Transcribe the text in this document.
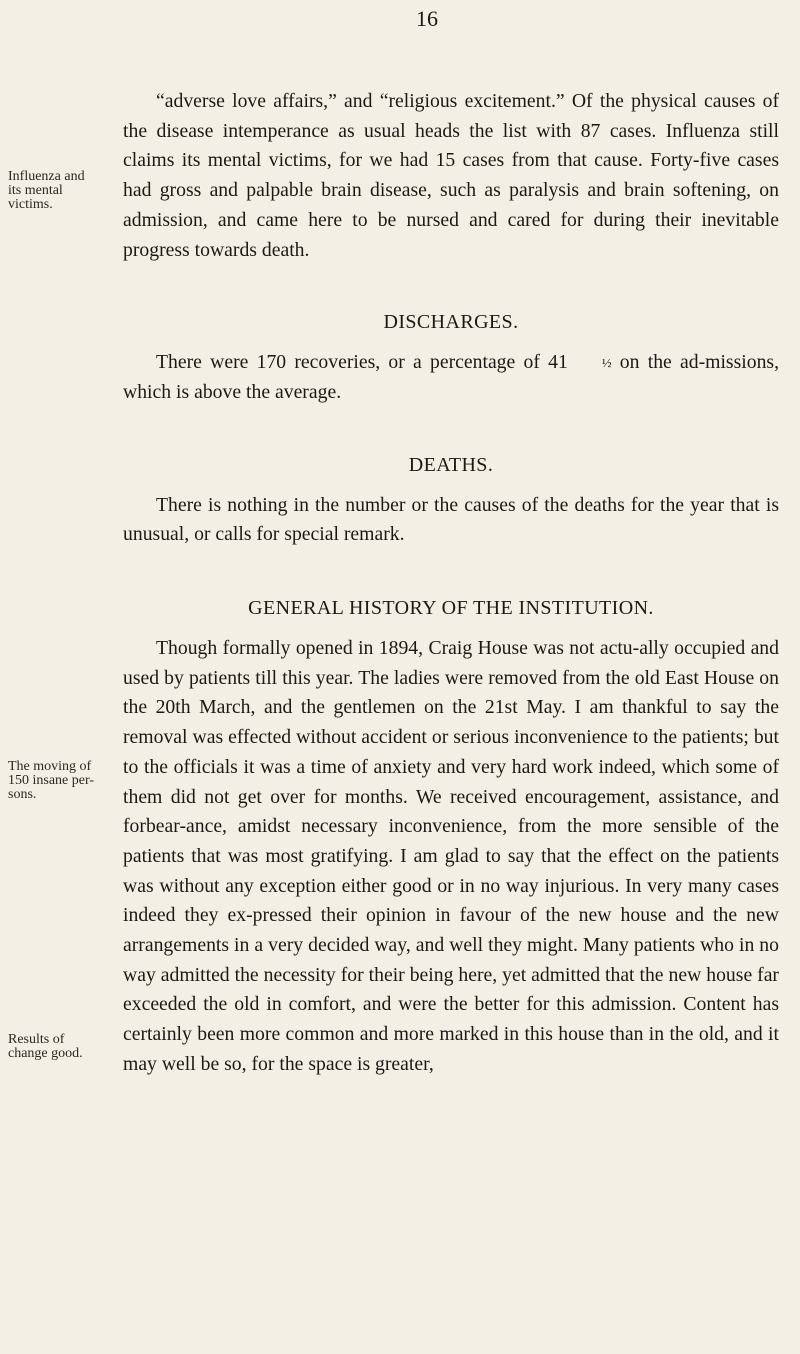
16
Influenza and
its mental
victims.
The moving of
150 insane per-
sons.
Results of
change good.

“adverse love affairs,” and “religious excitement.” Of the physical causes of the disease intemperance as usual heads the list with 87 cases. Influenza still claims its mental victims, for we had 15 cases from that cause. Forty-five cases had gross and palpable brain disease, such as paralysis and brain softening, on admission, and came here to be nursed and cared for during their inevitable progress towards death.

DISCHARGES.

There were 170 recoveries, or a percentage of 41	½ on the ad-missions, which is above the average.

DEATHS.

There is nothing in the number or the causes of the deaths for the year that is unusual, or calls for special remark.

GENERAL HISTORY OF THE INSTITUTION.

Though formally opened in 1894, Craig House was not actu-ally occupied and used by patients till this year. The ladies were removed from the old East House on the 20th March, and the gentlemen on the 21st May. I am thankful to say the removal was effected without accident or serious inconvenience to the patients; but to the officials it was a time of anxiety and very hard work indeed, which some of them did not get over for months. We received encouragement, assistance, and forbear-ance, amidst necessary inconvenience, from the more sensible of the patients that was most gratifying. I am glad to say that the effect on the patients was without any exception either good or in no way injurious. In very many cases indeed they ex-pressed their opinion in favour of the new house and the new arrangements in a very decided way, and well they might. Many patients who in no way admitted the necessity for their being here, yet admitted that the new house far exceeded the old in comfort, and were the better for this admission. Content has certainly been more common and more marked in this house than in the old, and it may well be so, for the space is greater,
